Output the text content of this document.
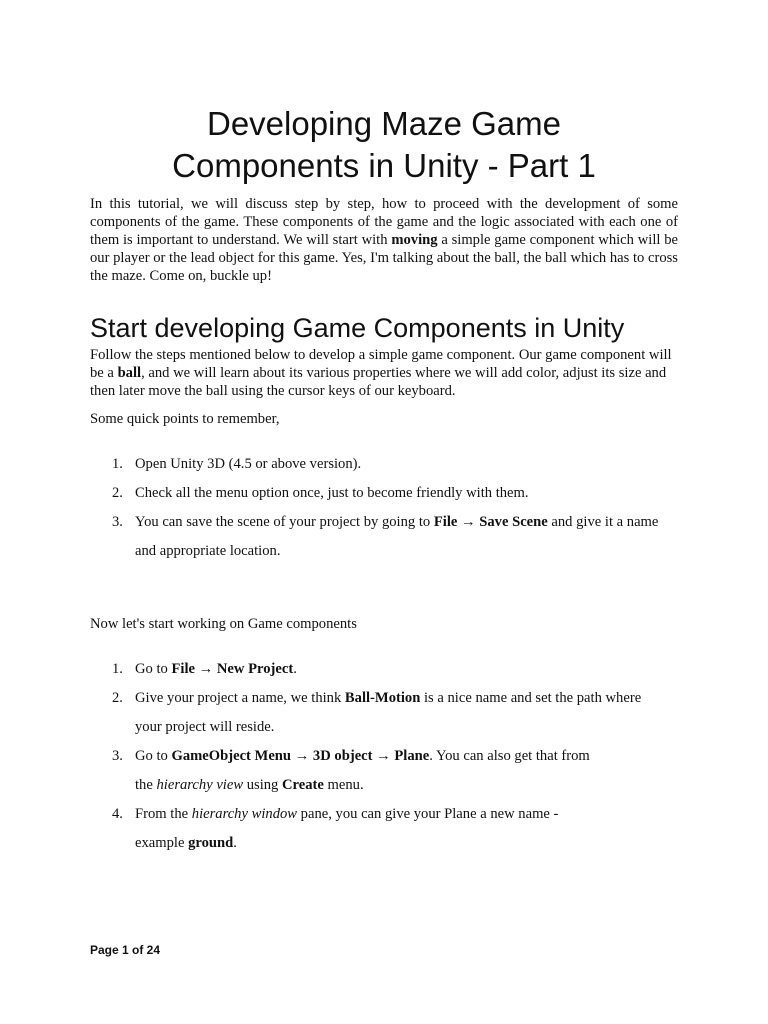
Developing Maze Game
Components in Unity - Part 1

In this tutorial, we will discuss step by step, how to proceed with the development of some components of the game. These components of the game and the logic associated with each one of them is important to understand. We will start with moving a simple game component which will be our player or the lead object for this game. Yes, I'm talking about the ball, the ball which has to cross the maze. Come on, buckle up!

Start developing Game Components in Unity

Follow the steps mentioned below to develop a simple game component. Our game component will be a ball, and we will learn about its various properties where we will add color, adjust its size and then later move the ball using the cursor keys of our keyboard.

Some quick points to remember,

1. Open Unity 3D (4.5 or above version).
2. Check all the menu option once, just to become friendly with them.
3. You can save the scene of your project by going to File → Save Scene and give it a name
and appropriate location.

Now let's start working on Game components

1. Go to File → New Project.
2. Give your project a name, we think Ball-Motion is a nice name and set the path where
your project will reside.
3. Go to GameObject Menu → 3D object → Plane. You can also get that from
the hierarchy view using Create menu.
4. From the hierarchy window pane, you can give your Plane a new name -
example ground.

Page 1 of 24
